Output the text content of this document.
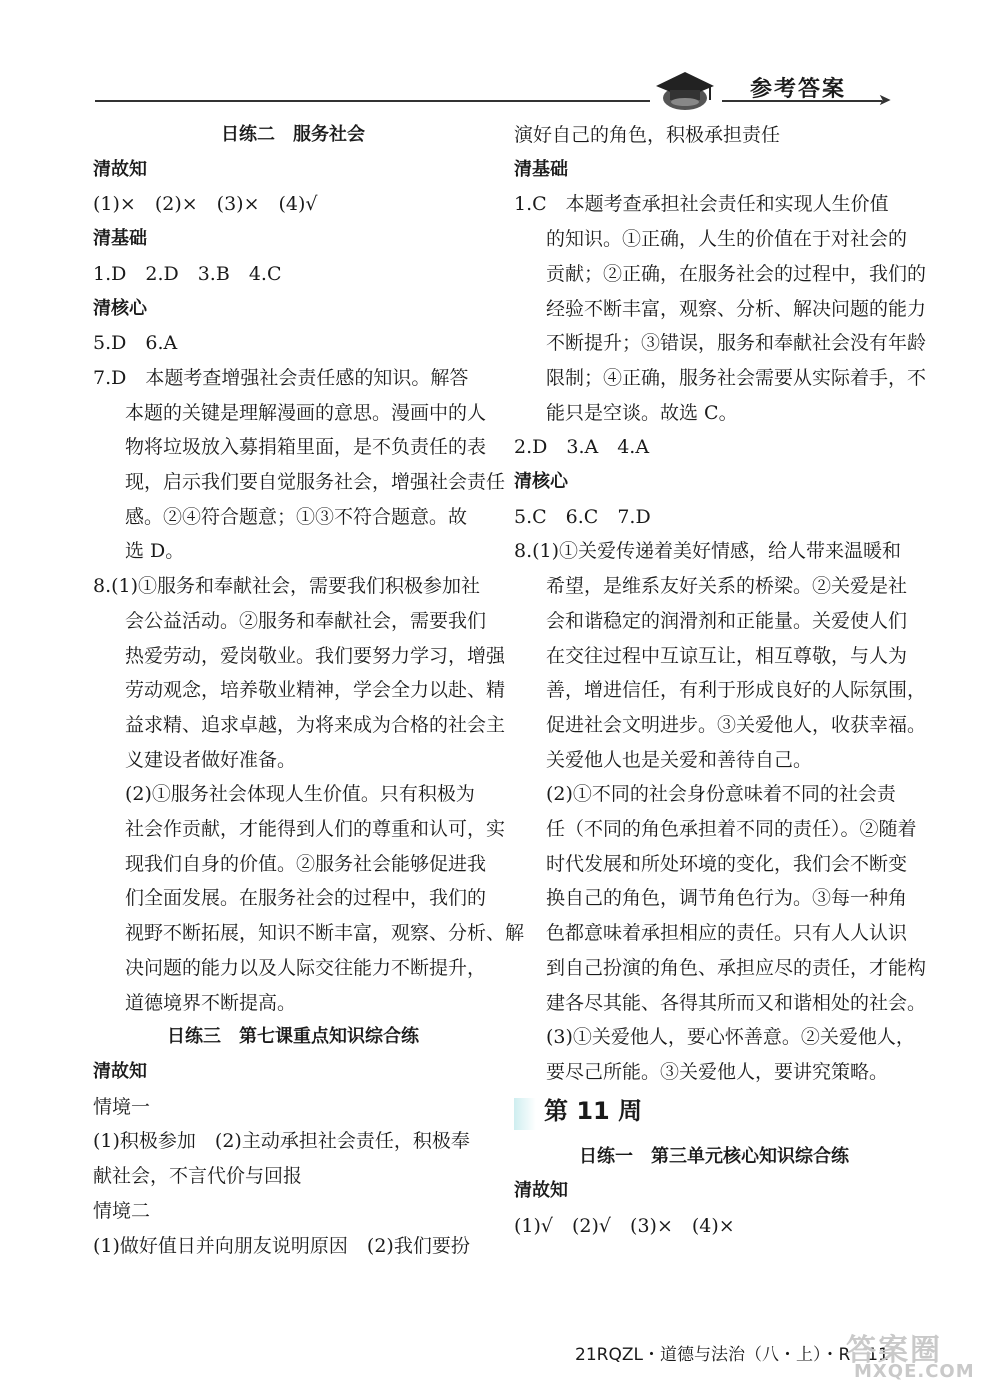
➤
参考答案
日练二　服务社会
清故知
(1)×　(2)×　(3)×　(4)√
清基础
1.D　2.D　3.B　4.C
清核心
5.D　6.A
7.D　本题考查增强社会责任感的知识。解答
本题的关键是理解漫画的意思。漫画中的人
物将垃圾放入募捐箱里面，是不负责任的表
现，启示我们要自觉服务社会，增强社会责任
感。②④符合题意；①③不符合题意。故
选 D。
8.(1)①服务和奉献社会，需要我们积极参加社
会公益活动。②服务和奉献社会，需要我们
热爱劳动，爱岗敬业。我们要努力学习，增强
劳动观念，培养敬业精神，学会全力以赴、精
益求精、追求卓越，为将来成为合格的社会主
义建设者做好准备。
(2)①服务社会体现人生价值。只有积极为
社会作贡献，才能得到人们的尊重和认可，实
现我们自身的价值。②服务社会能够促进我
们全面发展。在服务社会的过程中，我们的
视野不断拓展，知识不断丰富，观察、分析、解
决问题的能力以及人际交往能力不断提升，
道德境界不断提高。
日练三　第七课重点知识综合练
清故知
情境一
(1)积极参加　(2)主动承担社会责任，积极奉
献社会，不言代价与回报
情境二
(1)做好值日并向朋友说明原因　(2)我们要扮
演好自己的角色，积极承担责任
清基础
1.C　本题考查承担社会责任和实现人生价值
的知识。①正确，人生的价值在于对社会的
贡献；②正确，在服务社会的过程中，我们的
经验不断丰富，观察、分析、解决问题的能力
不断提升；③错误，服务和奉献社会没有年龄
限制；④正确，服务社会需要从实际着手，不
能只是空谈。故选 C。
2.D　3.A　4.A
清核心
5.C　6.C　7.D
8.(1)①关爱传递着美好情感，给人带来温暖和
希望，是维系友好关系的桥梁。②关爱是社
会和谐稳定的润滑剂和正能量。关爱使人们
在交往过程中互谅互让，相互尊敬，与人为
善，增进信任，有利于形成良好的人际氛围，
促进社会文明进步。③关爱他人，收获幸福。
关爱他人也是关爱和善待自己。
(2)①不同的社会身份意味着不同的社会责
任（不同的角色承担着不同的责任）。②随着
时代发展和所处环境的变化，我们会不断变
换自己的角色，调节角色行为。③每一种角
色都意味着承担相应的责任。只有人人认识
到自己扮演的角色、承担应尽的责任，才能构
建各尽其能、各得其所而又和谐相处的社会。
(3)①关爱他人，要心怀善意。②关爱他人，
要尽己所能。③关爱他人，要讲究策略。
第 11 周
日练一　第三单元核心知识综合练
清故知
(1)√　(2)√　(3)×　(4)×
21RQZL・道德与法治（八・上）・R　11
答案圈
MXQE.COM
